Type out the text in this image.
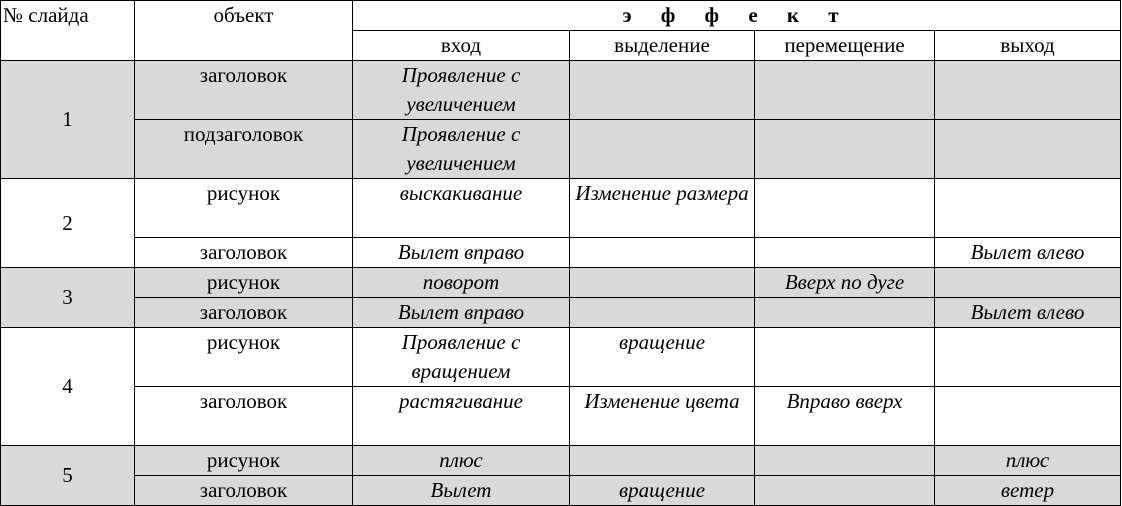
№ слайда	объект	э ф ф е к т			
		вход	выделение	перемещение	выход
1	заголовок	Проявление с увеличением			
	подзаголовок	Проявление с увеличением			
2	рисунок	выскакивание	Изменение размера		
	заголовок	Вылет вправо			Вылет влево
3	рисунок	поворот		Вверх по дуге	
	заголовок	Вылет вправо			Вылет влево
4	рисунок	Проявление с вращением	вращение		
	заголовок	растягивание	Изменение цвета	Вправо вверх	
5	рисунок	плюс			плюс
	заголовок	Вылет	вращение		ветер
